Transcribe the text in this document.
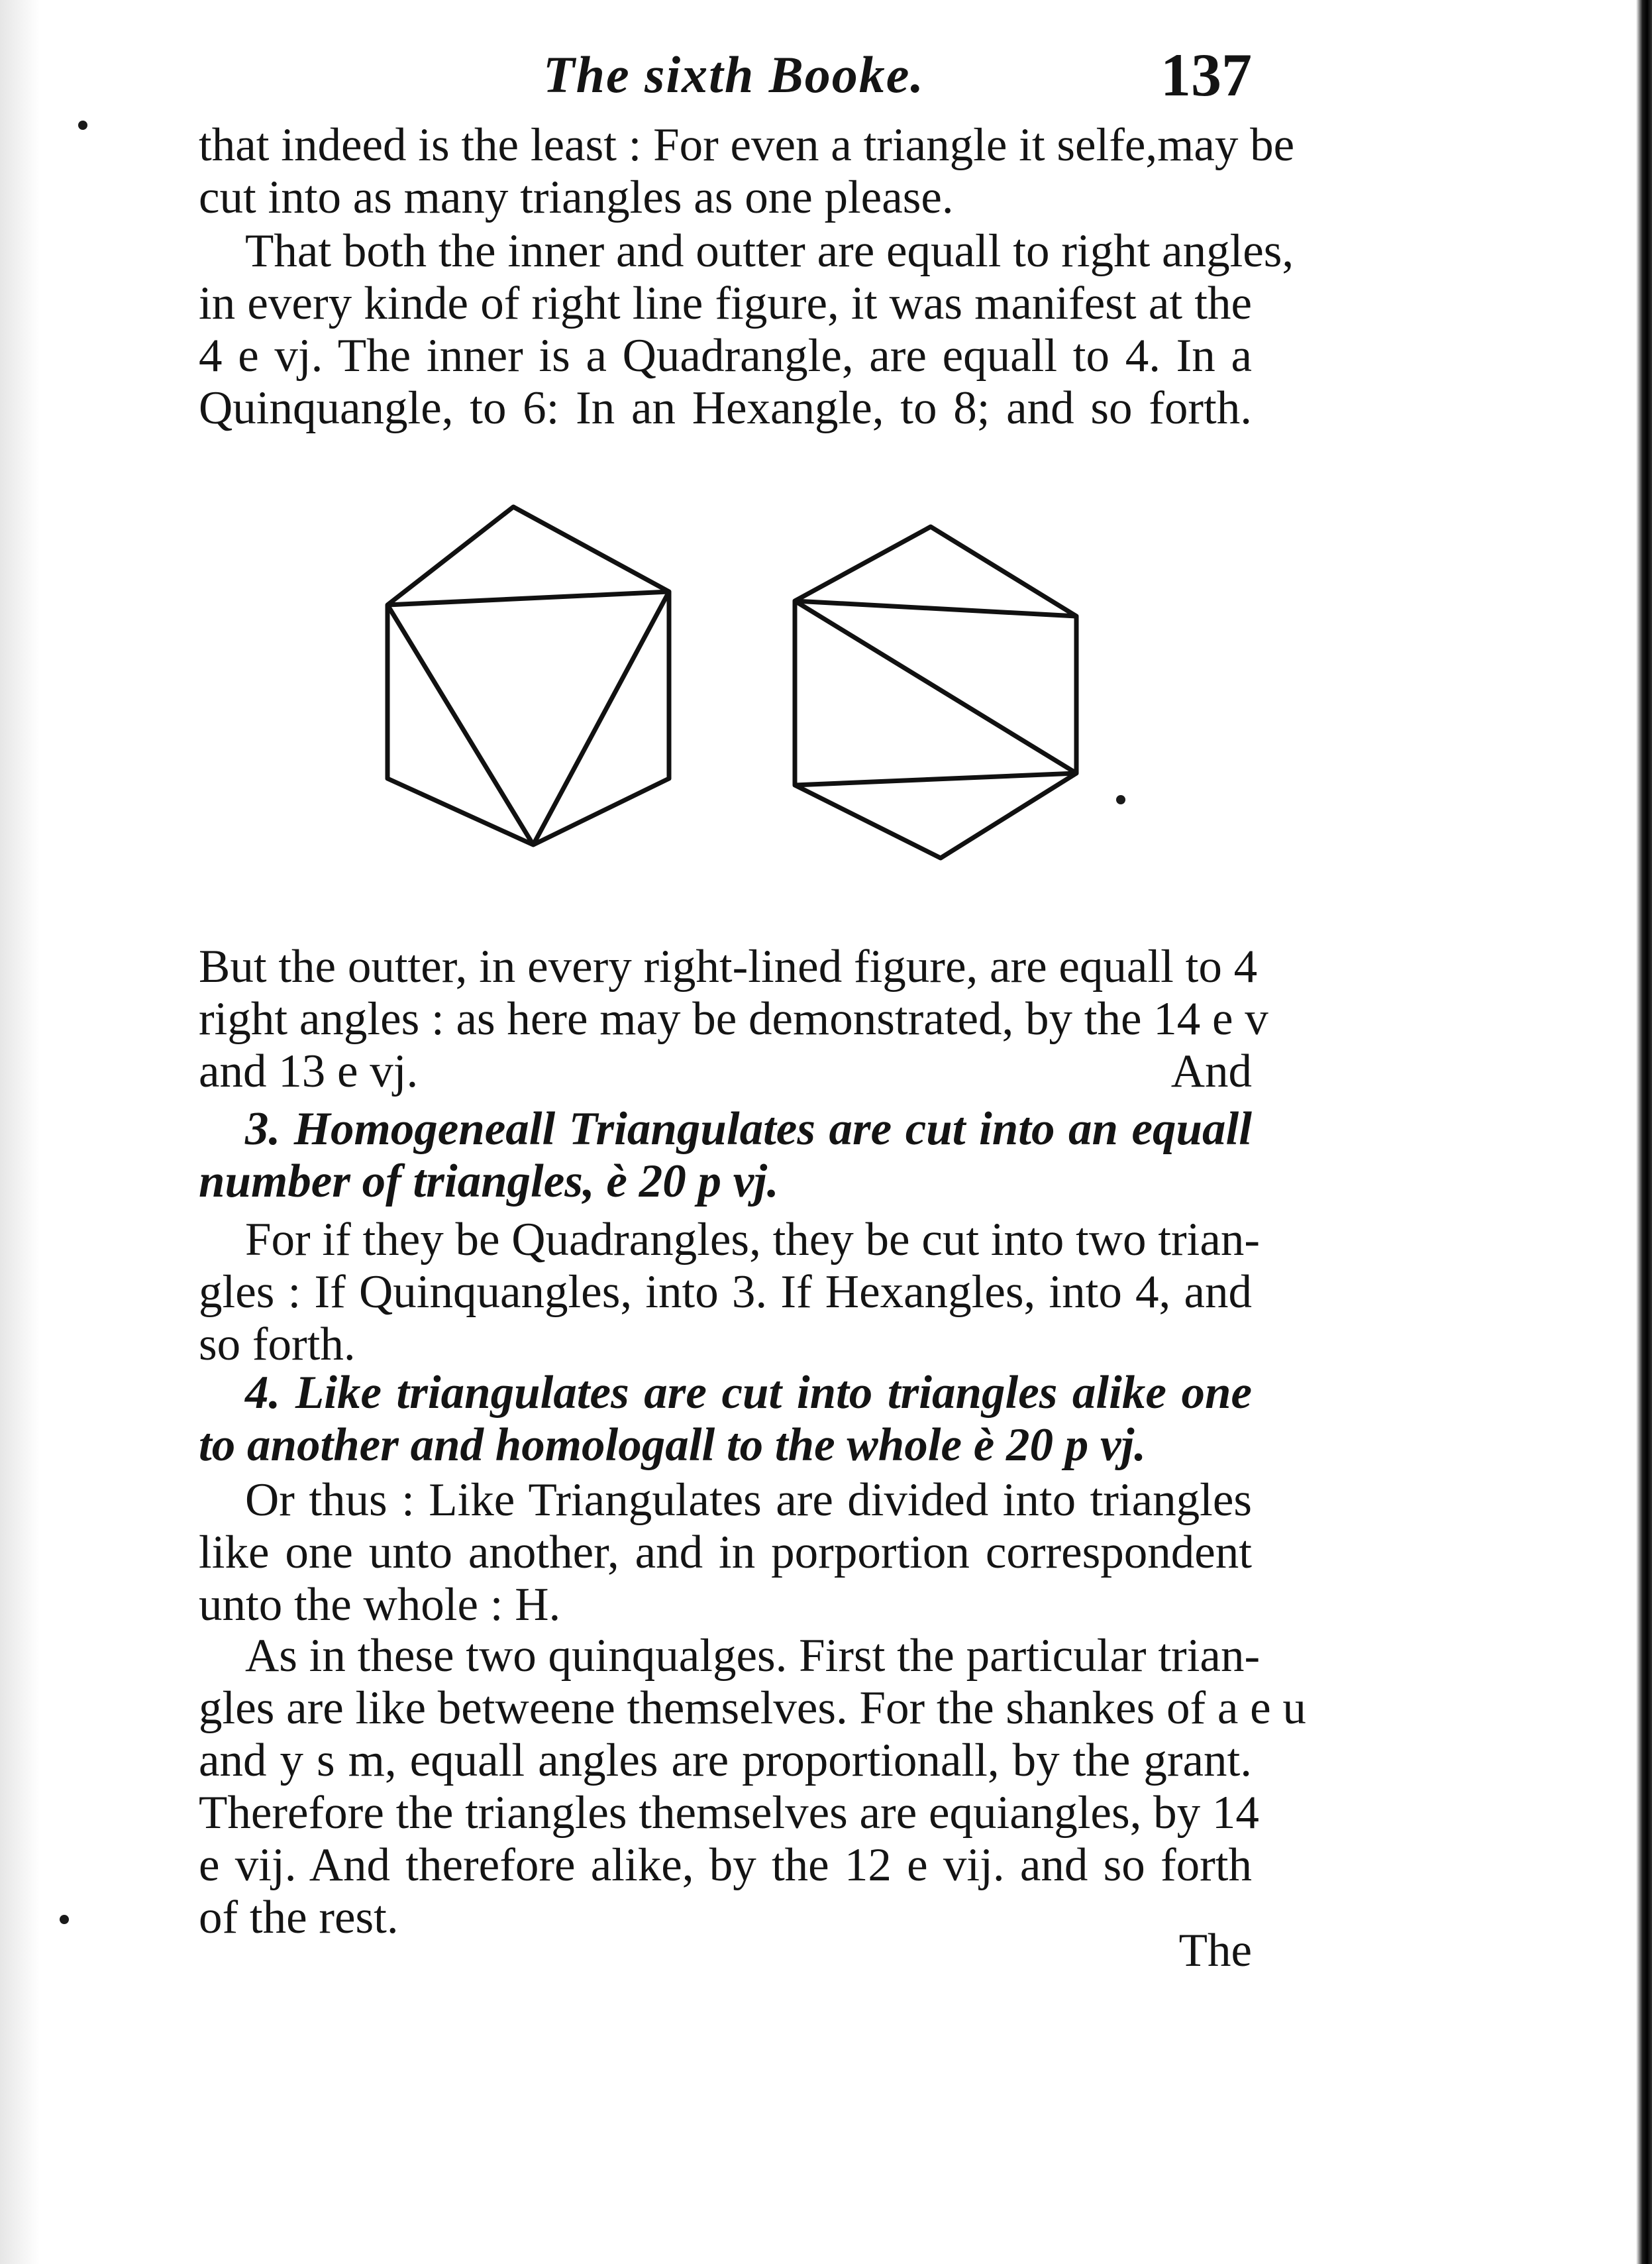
The sixth Booke.	137
that indeed is the least : For even a triangle it selfe,may be
cut into as many triangles as one please.
That both the inner and outter are equall to right angles,
in every kinde of right line figure, it was manifest at the
4 e vj. The inner is a Quadrangle, are equall to 4. In a
Quinquangle, to 6: In an Hexangle, to 8; and so forth.
But the outter, in every right-lined figure, are equall to 4
right angles : as here may be demonstrated, by the 14 e v
and 13 e vj.	And
3. Homogeneall Triangulates are cut into an equall
number of triangles, è 20 p vj.
For if they be Quadrangles, they be cut into two trian-
gles : If Quinquangles, into 3. If Hexangles, into 4, and
so forth.
4. Like triangulates are cut into triangles alike one
to another and homologall to the whole è 20 p vj.
Or thus : Like Triangulates are divided into triangles
like one unto another, and in porportion correspondent
unto the whole : H.
As in these two quinqualges. First the particular trian-
gles are like betweene themselves. For the shankes of a e u
and y s m, equall angles are proportionall, by the grant.
Therefore the triangles themselves are equiangles, by 14
e vij. And therefore alike, by the 12 e vij. and so forth
of the rest.
The
